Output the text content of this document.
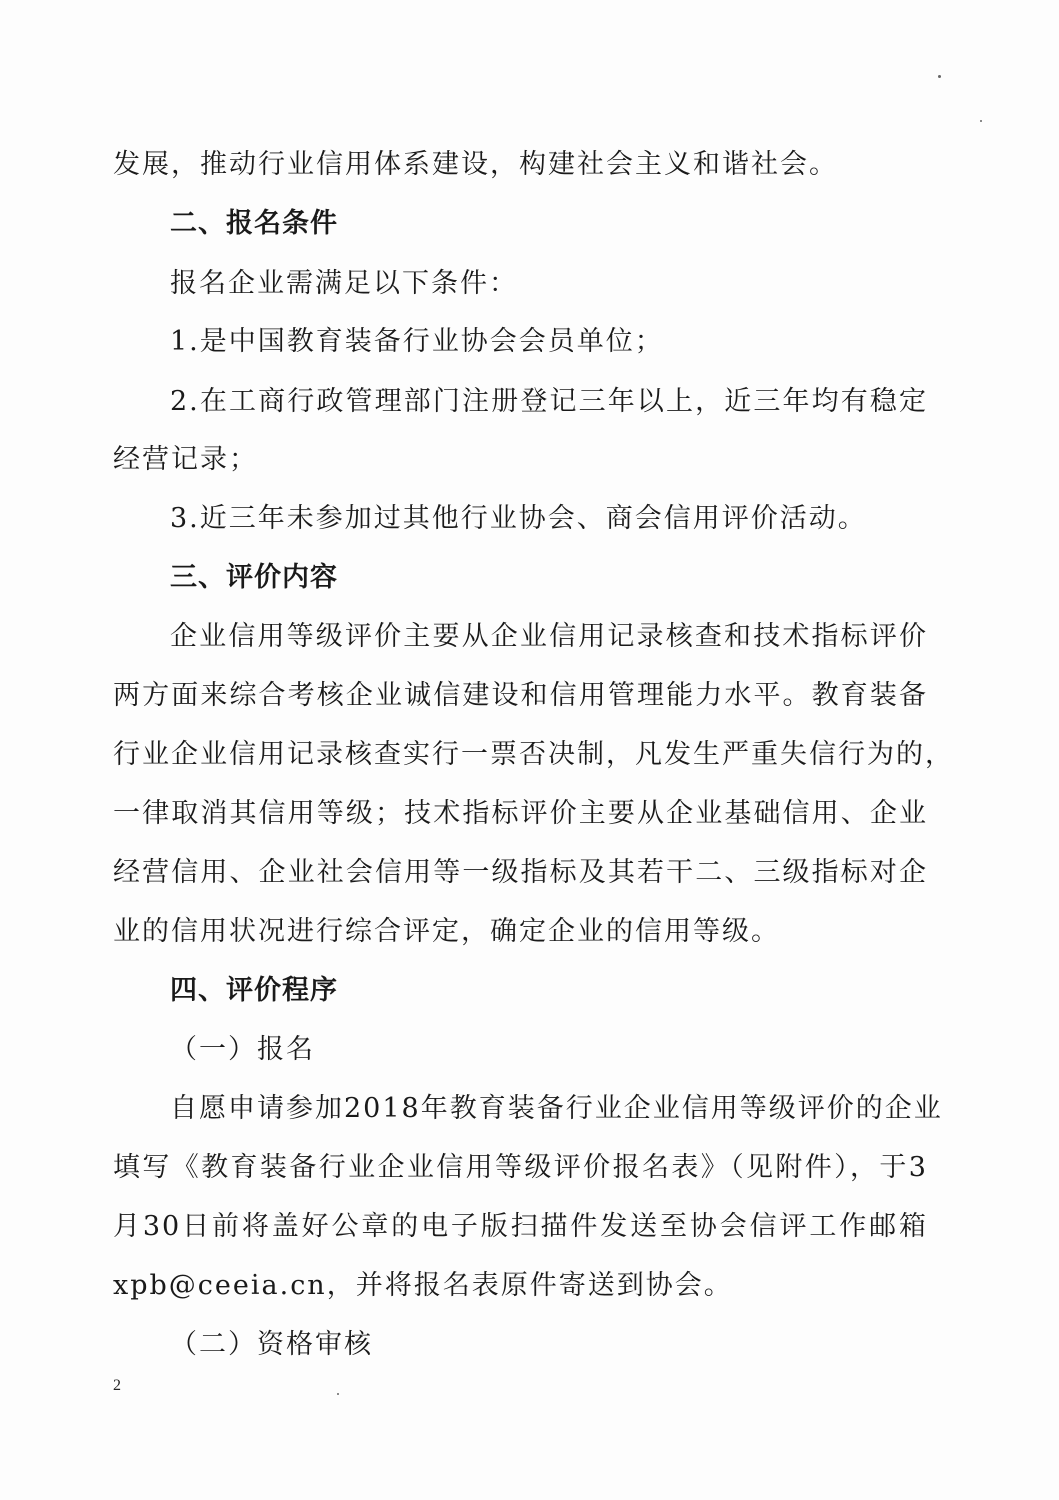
发展，推动行业信用体系建设，构建社会主义和谐社会。
二、报名条件
报名企业需满足以下条件：
1.是中国教育装备行业协会会员单位；
2.在工商行政管理部门注册登记三年以上，近三年均有稳定
经营记录；
3.近三年未参加过其他行业协会、商会信用评价活动。
三、评价内容
企业信用等级评价主要从企业信用记录核查和技术指标评价
两方面来综合考核企业诚信建设和信用管理能力水平。教育装备
行业企业信用记录核查实行一票否决制，凡发生严重失信行为的，
一律取消其信用等级；技术指标评价主要从企业基础信用、企业
经营信用、企业社会信用等一级指标及其若干二、三级指标对企
业的信用状况进行综合评定，确定企业的信用等级。
四、评价程序
（一）报名
自愿申请参加2018年教育装备行业企业信用等级评价的企业
填写《教育装备行业企业信用等级评价报名表》（见附件），于3
月30日前将盖好公章的电子版扫描件发送至协会信评工作邮箱
xpb@ceeia.cn，并将报名表原件寄送到协会。
（二）资格审核
2
